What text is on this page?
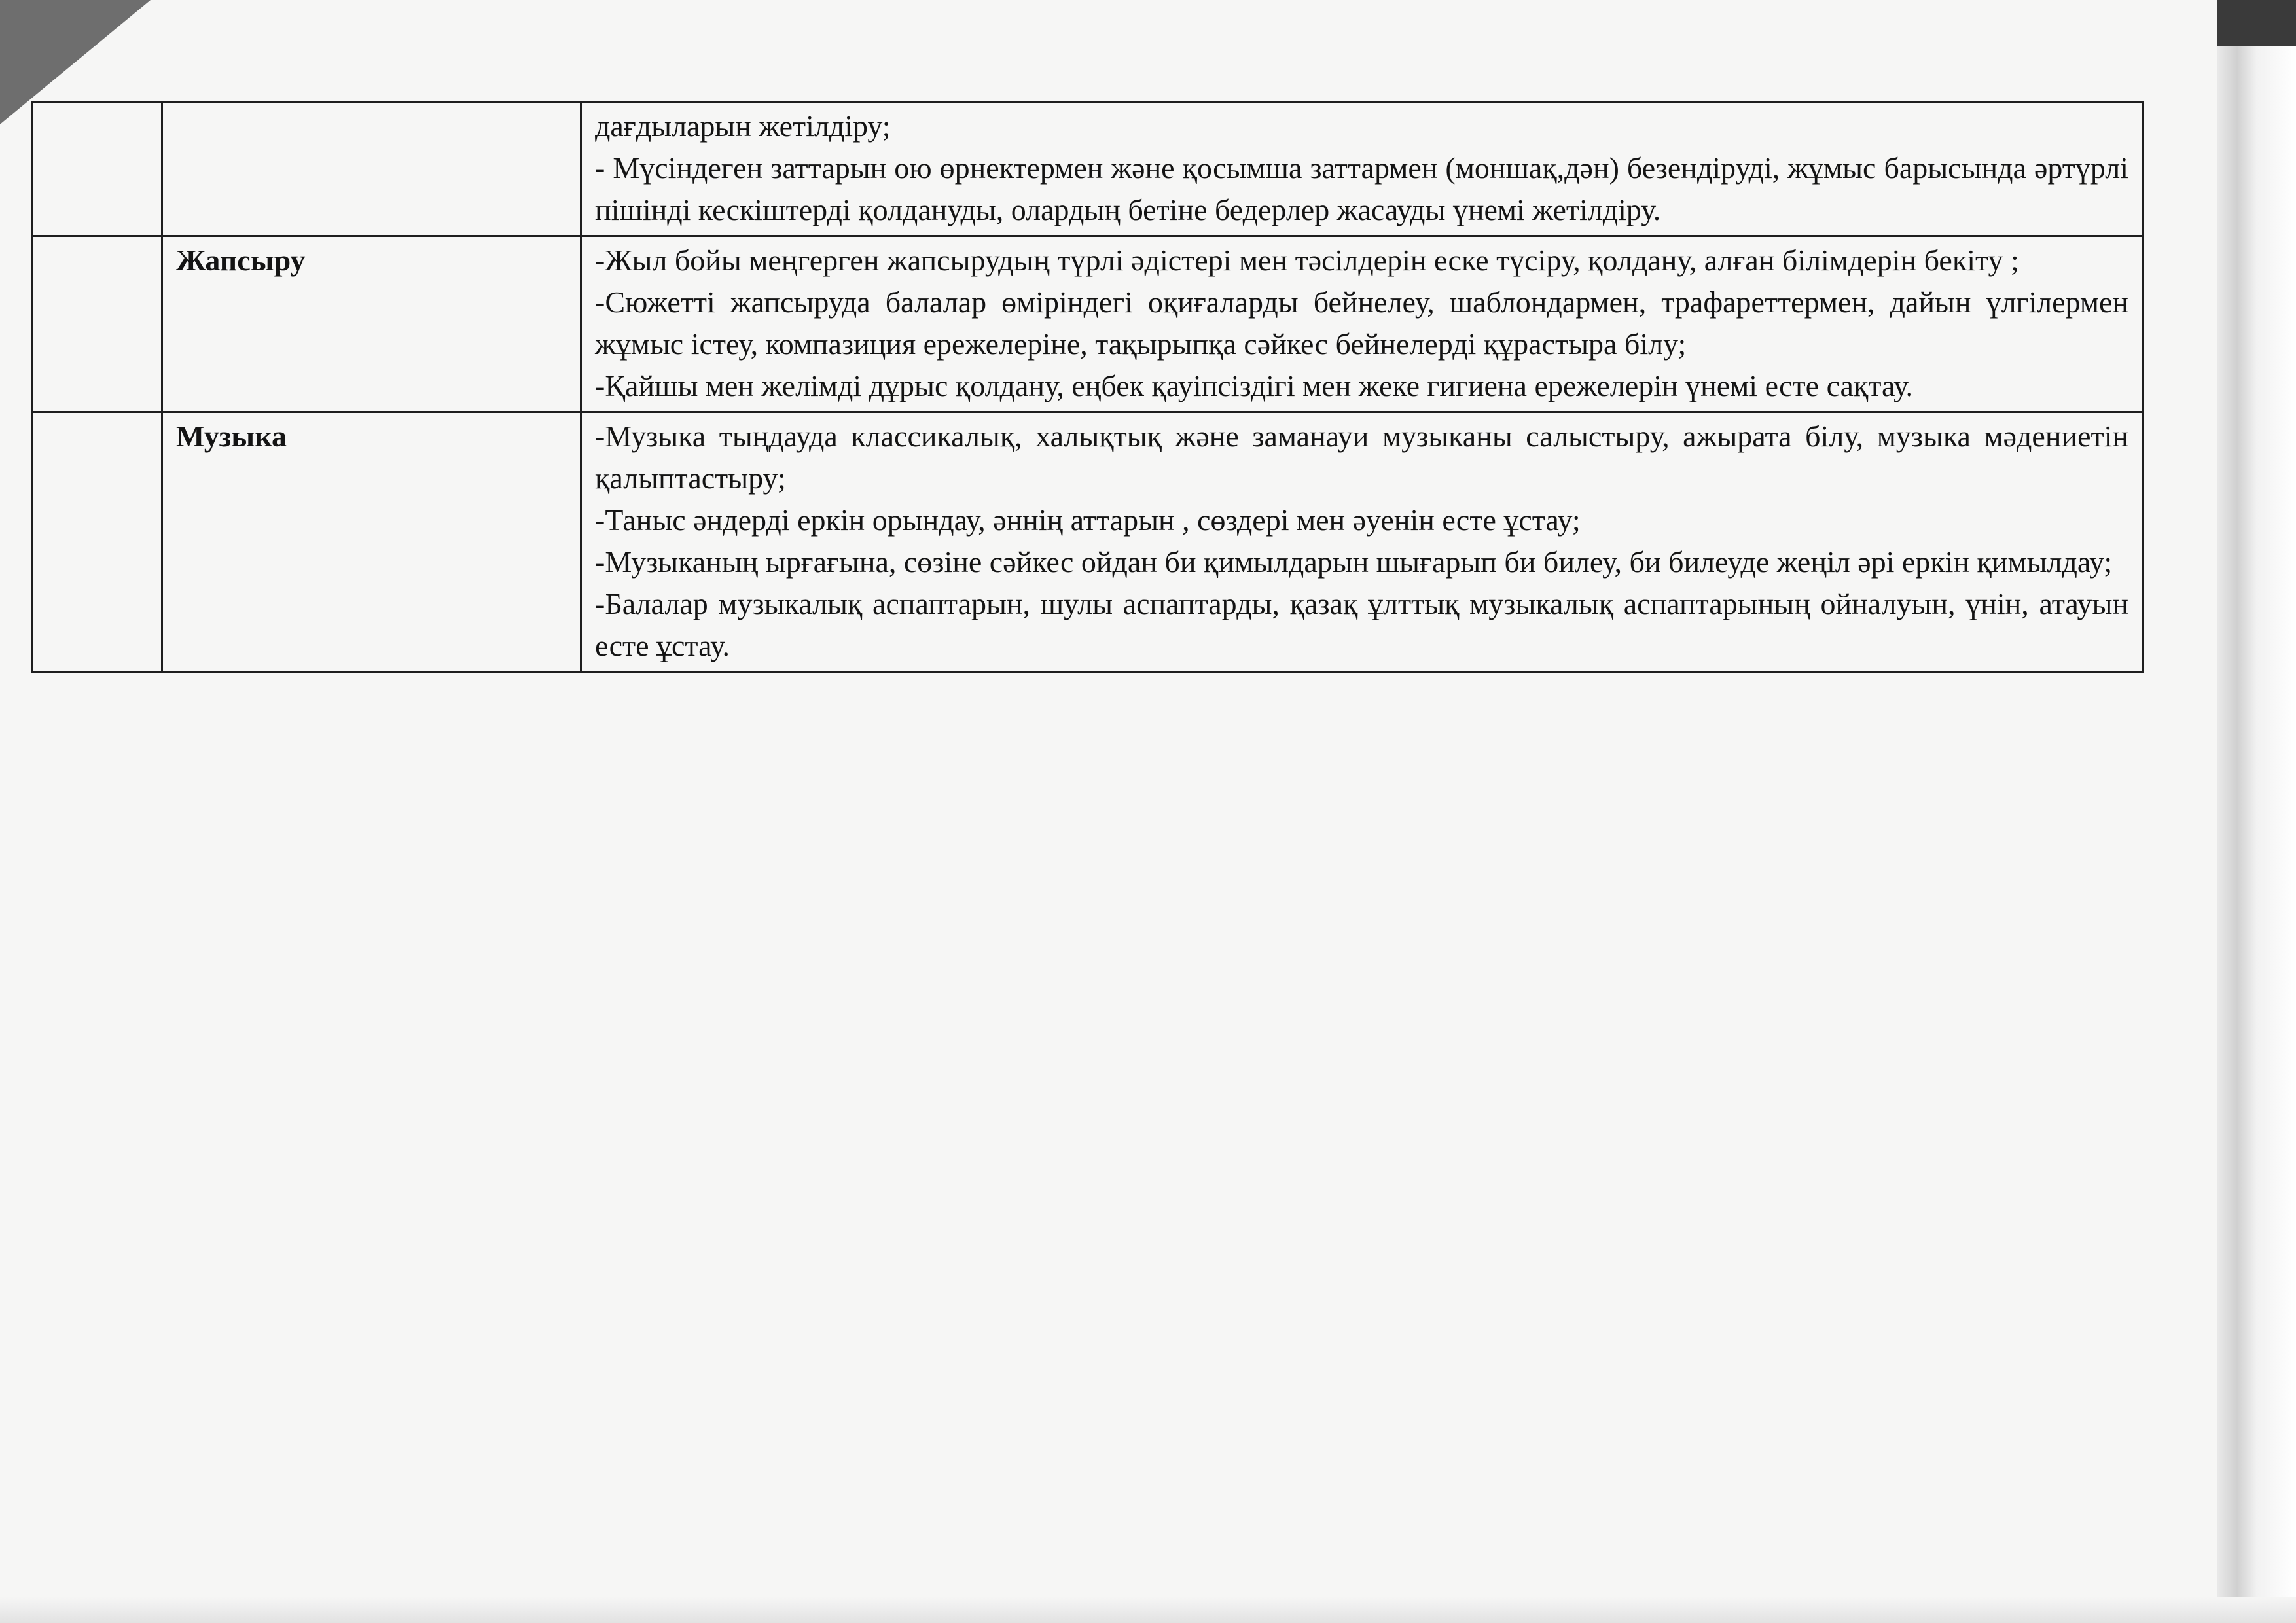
		дағдыларын жетілдіру;
- Мүсіндеген заттарын ою өрнектермен және қосымша заттармен (моншақ,дән) безендіруді, жұмыс барысында әртүрлі пішінді кескіштерді қолдануды, олардың бетіне бедерлер жасауды үнемі жетілдіру.

	Жапсыру	-Жыл бойы меңгерген жапсырудың түрлі әдістері мен тәсілдерін еске түсіру, қолдану, алған білімдерін бекіту ;
-Сюжетті жапсыруда балалар өміріндегі оқиғаларды бейнелеу, шаблондармен, трафареттермен, дайын үлгілермен жұмыс істеу, компазиция ережелеріне, тақырыпқа сәйкес бейнелерді құрастыра білу;
-Қайшы мен желімді дұрыс қолдану, еңбек қауіпсіздігі мен жеке гигиена ережелерін үнемі есте сақтау.

	Музыка	-Музыка тыңдауда классикалық, халықтық және заманауи музыканы салыстыру, ажырата білу, музыка мәдениетін қалыптастыру;
-Таныс әндерді еркін орындау, әннің аттарын , сөздері мен әуенін есте ұстау;
-Музыканың ырғағына, сөзіне сәйкес ойдан би қимылдарын шығарып би билеу, би билеуде жеңіл әрі еркін қимылдау;
-Балалар музыкалық аспаптарын, шулы аспаптарды, қазақ ұлттық музыкалық аспаптарының ойналуын, үнін, атауын есте ұстау.
